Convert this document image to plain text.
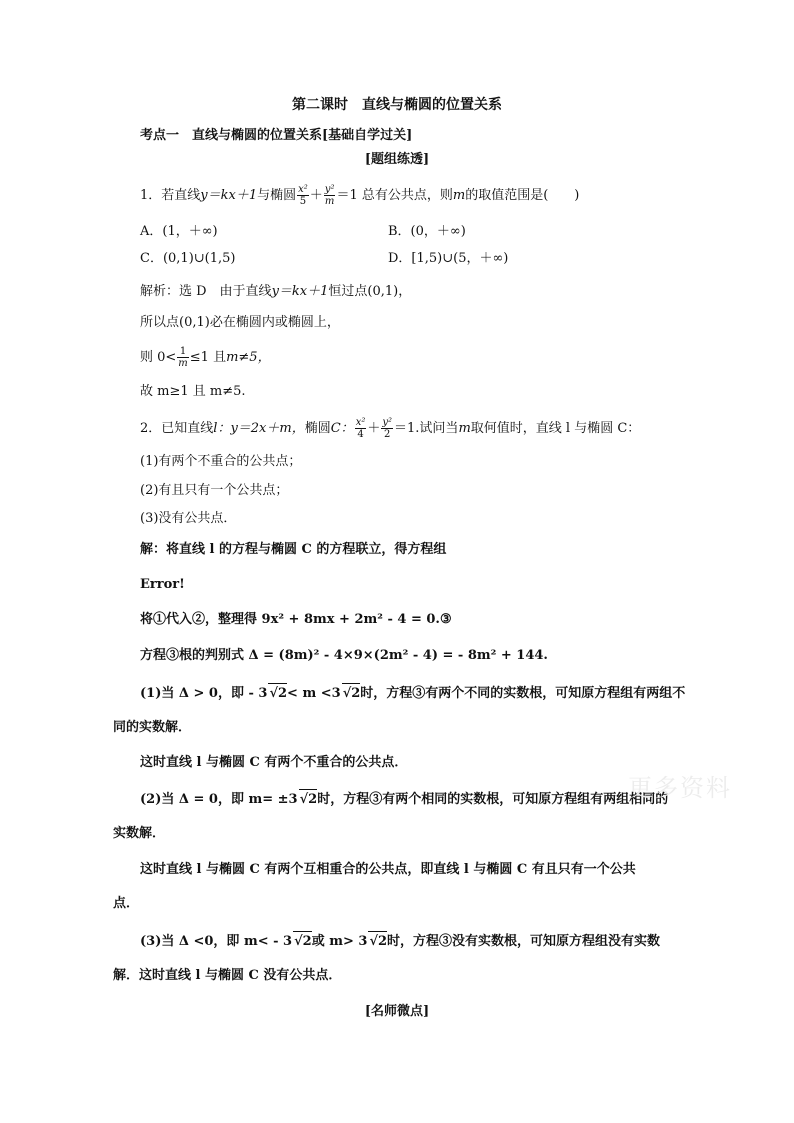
第二课时　直线与椭圆的位置关系
考点一　直线与椭圆的位置关系[基础自学过关]
[题组练透]
1．若直线y＝kx＋1与椭圆 $\frac{\text{x²}}{5} + \frac{\text{y²}}{m} =1$ 总有公共点，则m的取值范围是(　　)
A．(1，＋∞)	B．(0，＋∞)
C．(0,1)∪(1,5)	D．[1,5)∪(5，＋∞)
解析：选 D　由于直线y＝kx＋1恒过点(0,1)，
所以点(0,1)必在椭圆内或椭圆上，
则 $0< \frac{1}{m} \le 1$ 且m≠5，
故 m≥1 且 m≠5.
2．已知直线l：y＝2x＋m，椭圆C： $\frac{\text{x²}}{4} + \frac{\text{y²}}{2} =1$.试问当m取何值时，直线 l 与椭圆 C：
(1)有两个不重合的公共点；
(2)有且只有一个公共点；
(3)没有公共点．
解：将直线 l 的方程与椭圆 C 的方程联立，得方程组
Error!
将①代入②，整理得 9x² + 8mx + 2m² - 4 = 0.③
方程③根的判别式 Δ = (8m)² - 4×9×(2m² - 4) = - 8m² + 144.
(1)当 Δ > 0，即 - 3 √2< m <3 √2时，方程③有两个不同的实数根，可知原方程组有两组不
同的实数解．
这时直线 l 与椭圆 C 有两个不重合的公共点．
(2)当 Δ = 0，即 m= ±3 √2时，方程③有两个相同的实数根，可知原方程组有两组相同的
实数解．
这时直线 l 与椭圆 C 有两个互相重合的公共点，即直线 l 与椭圆 C 有且只有一个公共
点．
(3)当 Δ <0，即 m< - 3 √2或 m> 3 √2时，方程③没有实数根，可知原方程组没有实数
解．这时直线 l 与椭圆 C 没有公共点．
[名师微点]
更多资料
